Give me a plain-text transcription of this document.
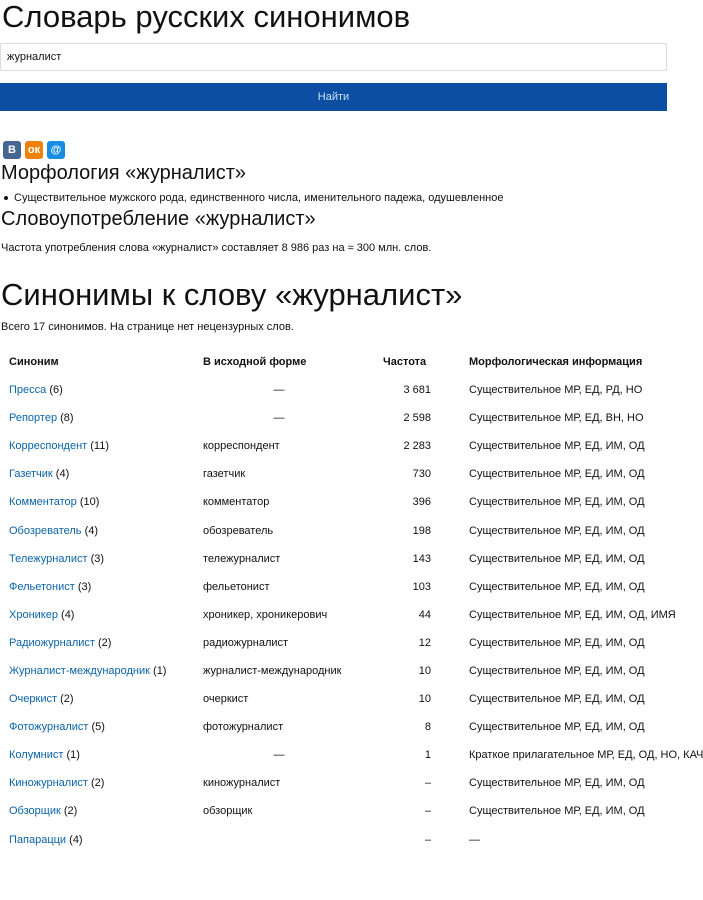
Словарь русских синонимов
журналист
Найти
В	ок @
Морфология «журналист»
Существительное мужского рода, единственного числа, именительного падежа, одушевленное
Словоупотребление «журналист»

Частота употребления слова «журналист» составляет 8 986 раз на ≈ 300 млн. слов.

Синонимы к слову «журналист»

Всего 17 синонимов. На странице нет нецензурных слов.

Синоним	В исходной форме	Частота	Морфологическая информация
Пресса (6)	—	3 681	Существительное МР, ЕД, РД, НО
Репортер (8)	—	2 598	Существительное МР, ЕД, ВН, НО
Корреспондент (11)	корреспондент	2 283	Существительное МР, ЕД, ИМ, ОД
Газетчик (4)	газетчик	730	Существительное МР, ЕД, ИМ, ОД
Комментатор (10)	комментатор	396	Существительное МР, ЕД, ИМ, ОД
Обозреватель (4)	обозреватель	198	Существительное МР, ЕД, ИМ, ОД
Тележурналист (3)	тележурналист	143	Существительное МР, ЕД, ИМ, ОД
Фельетонист (3)	фельетонист	103	Существительное МР, ЕД, ИМ, ОД
Хроникер (4)	хроникер, хроникерович	44	Существительное МР, ЕД, ИМ, ОД, ИМЯ
Радиожурналист (2)	радиожурналист	12	Существительное МР, ЕД, ИМ, ОД
Журналист-международник (1)	журналист-международник	10	Существительное МР, ЕД, ИМ, ОД
Очеркист (2)	очеркист	10	Существительное МР, ЕД, ИМ, ОД
Фотожурналист (5)	фотожурналист	8	Существительное МР, ЕД, ИМ, ОД
Колумнист (1)	—	1	Краткое прилагательное МР, ЕД, ОД, НО, КАЧ
Киножурналист (2)	киножурналист	–	Существительное МР, ЕД, ИМ, ОД
Обзорщик (2)	обзорщик	–	Существительное МР, ЕД, ИМ, ОД
Папарацци (4)		–	—
